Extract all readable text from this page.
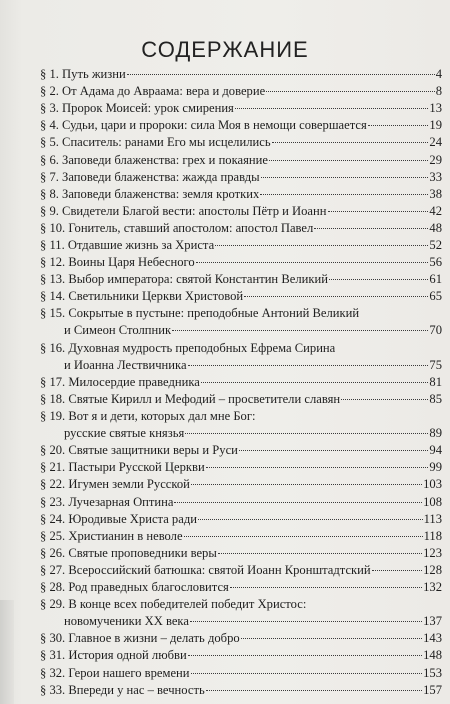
СОДЕРЖАНИЕ
§ 1. Путь жизни	4
§ 2. От Адама до Авраама: вера и доверие	8
§ 3. Пророк Моисей: урок смирения	13
§ 4. Судьи, цари и пророки: сила Моя в немощи совершается	19
§ 5. Спаситель: ранами Его мы исцелились	24
§ 6. Заповеди блаженства: грех и покаяние	29
§ 7. Заповеди блаженства: жажда правды	33
§ 8. Заповеди блаженства: земля кротких	38
§ 9. Свидетели Благой вести: апостолы Пётр и Иоанн	42
§ 10. Гонитель, ставший апостолом: апостол Павел	48
§ 11. Отдавшие жизнь за Христа	52
§ 12. Воины Царя Небесного	56
§ 13. Выбор императора: святой Константин Великий	61
§ 14. Светильники Церкви Христовой	65
§ 15. Сокрытые в пустыне: преподобные Антоний Великий
и Симеон Столпник	70
§ 16. Духовная мудрость преподобных Ефрема Сирина
и Иоанна Лествичника	75
§ 17. Милосердие праведника	81
§ 18. Святые Кирилл и Мефодий – просветители славян	85
§ 19. Вот я и дети, которых дал мне Бог:
русские святые князья	89
§ 20. Святые защитники веры и Руси	94
§ 21. Пастыри Русской Церкви	99
§ 22. Игумен земли Русской	103
§ 23. Лучезарная Оптина	108
§ 24. Юродивые Христа ради	113
§ 25. Христианин в неволе	118
§ 26. Святые проповедники веры	123
§ 27. Всероссийский батюшка: святой Иоанн Кронштадтский	128
§ 28. Род праведных благословится	132
§ 29. В конце всех победителей победит Христос:
новомученики XX века	137
§ 30. Главное в жизни – делать добро	143
§ 31. История одной любви	148
§ 32. Герои нашего времени	153
§ 33. Впереди у нас – вечность	157
